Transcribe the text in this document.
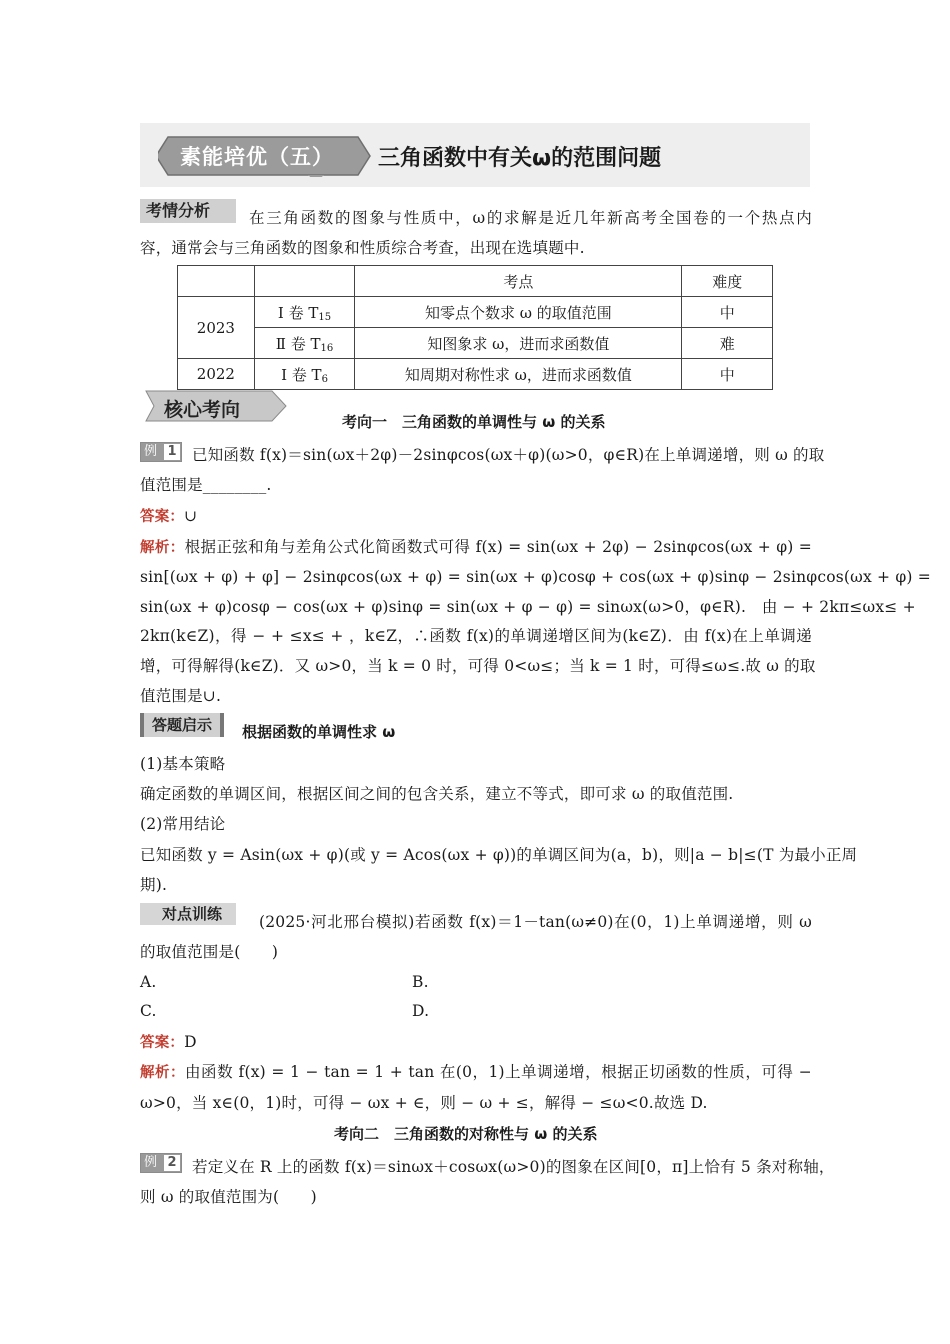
素能培优（五） 三角函数中有关ω的范围问题
考情分析	在三角函数的图象与性质中，ω的求解是近几年新高考全国卷的一个热点内
容，通常会与三角函数的图象和性质综合考查，出现在选填题中.
		考点	难度
2023	Ⅰ 卷 $T_{15}$	知零点个数求 ω 的取值范围	中
	Ⅱ 卷 $T_{16}$	知图象求 ω，进而求函数值	难
2022	Ⅰ 卷 $T_6$	知周期对称性求 ω，进而求函数值	中
核心考向
考向一　三角函数的单调性与 ω 的关系
例 1 已知函数 f(x)＝sin(ωx＋2φ)－2sinφcos(ωx＋φ)(ω>0，φ∈R)在上单调递增，则 ω 的取
值范围是________.
答案：∪
解析：根据正弦和角与差角公式化简函数式可得 f(x) = sin(ωx + 2φ) − 2sinφcos(ωx + φ) =
sin[(ωx + φ) + φ] − 2sinφcos(ωx + φ) = sin(ωx + φ)cosφ + cos(ωx + φ)sinφ − 2sinφcos(ωx + φ) =
sin(ωx + φ)cosφ − cos(ωx + φ)sinφ = sin(ωx + φ − φ) = sinωx(ω>0，φ∈R).　由 − + 2kπ≤ωx≤ +
2kπ(k∈Z)，得 − + ≤x≤ + ，k∈Z，∴函数 f(x)的单调递增区间为(k∈Z)．由 f(x)在上单调递
增，可得解得(k∈Z)．又 ω>0，当 k = 0 时，可得 0<ω≤；当 k = 1 时，可得≤ω≤.故 ω 的取
值范围是∪.
答题启示	根据函数的单调性求 ω
(1)基本策略
确定函数的单调区间，根据区间之间的包含关系，建立不等式，即可求 ω 的取值范围.
(2)常用结论
已知函数 y = Asin(ωx + φ)(或 y = Acos(ωx + φ))的单调区间为(a，b)，则|a − b|≤(T 为最小正周
期).
对点训练	(2025·河北邢台模拟)若函数 f(x)＝1－tan(ω≠0)在(0，1)上单调递增，则 ω
的取值范围是(　　)
A.	B.
C.	D.
答案：D
解析：由函数 f(x) = 1 − tan = 1 + tan 在(0，1)上单调递增，根据正切函数的性质，可得 −
ω>0，当 x∈(0，1)时，可得 − ωx + ∈，则 − ω + ≤，解得 − ≤ω<0.故选 D.
考向二　三角函数的对称性与 ω 的关系
例 2 若定义在 R 上的函数 f(x)＝sinωx＋cosωx(ω>0)的图象在区间[0，π]上恰有 5 条对称轴，
则 ω 的取值范围为(　　)
